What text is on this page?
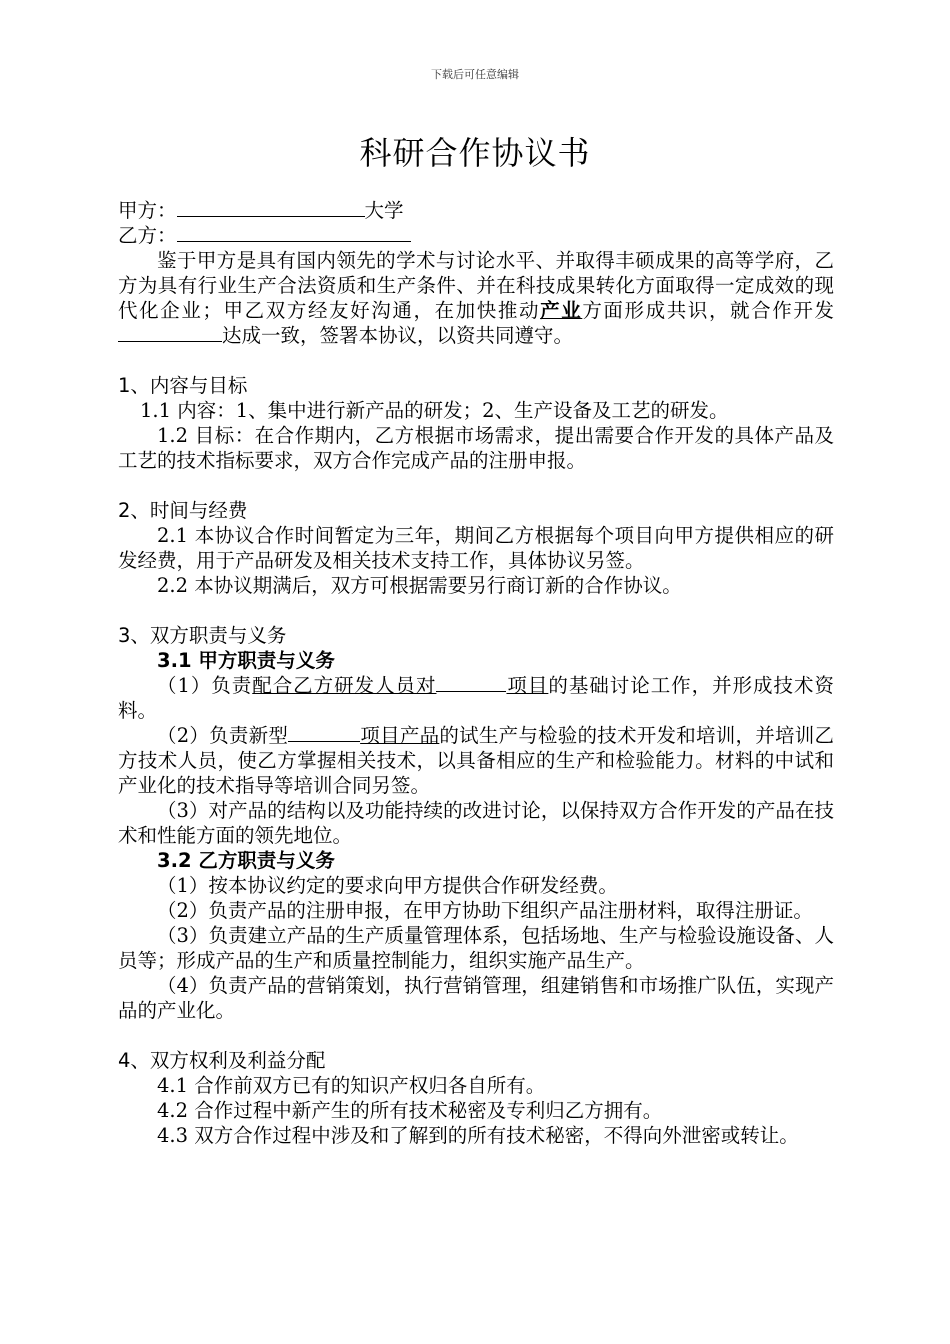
下载后可任意编辑
科研合作协议书

甲方：	大学

乙方：

鉴于甲方是具有国内领先的学术与讨论水平、并取得丰硕成果的高等学府，乙方为具有行业生产合法资质和生产条件、并在科技成果转化方面取得一定成效的现代化企业；甲乙双方经友好沟通，在加快推动产业方面形成共识，就合作开发达成一致，签署本协议，以资共同遵守。

1、内容与目标

1.1 内容：1、集中进行新产品的研发；2、生产设备及工艺的研发。

1.2 目标：在合作期内，乙方根据市场需求，提出需要合作开发的具体产品及工艺的技术指标要求，双方合作完成产品的注册申报。

2、时间与经费

2.1 本协议合作时间暂定为三年，期间乙方根据每个项目向甲方提供相应的研发经费，用于产品研发及相关技术支持工作，具体协议另签。

2.2 本协议期满后，双方可根据需要另行商订新的合作协议。

3、双方职责与义务

3.1 甲方职责与义务

（1）负责配合乙方研发人员对	项目的基础讨论工作，并形成技术资料。

（2）负责新型	项目产品的试生产与检验的技术开发和培训，并培训乙方技术人员，使乙方掌握相关技术，以具备相应的生产和检验能力。材料的中试和产业化的技术指导等培训合同另签。

（3）对产品的结构以及功能持续的改进讨论，以保持双方合作开发的产品在技术和性能方面的领先地位。

3.2 乙方职责与义务

（1）按本协议约定的要求向甲方提供合作研发经费。

（2）负责产品的注册申报，在甲方协助下组织产品注册材料，取得注册证。

（3）负责建立产品的生产质量管理体系，包括场地、生产与检验设施设备、人员等；形成产品的生产和质量控制能力，组织实施产品生产。

（4）负责产品的营销策划，执行营销管理，组建销售和市场推广队伍，实现产品的产业化。

4、双方权利及利益分配

4.1 合作前双方已有的知识产权归各自所有。

4.2 合作过程中新产生的所有技术秘密及专利归乙方拥有。

4.3 双方合作过程中涉及和了解到的所有技术秘密，不得向外泄密或转让。
